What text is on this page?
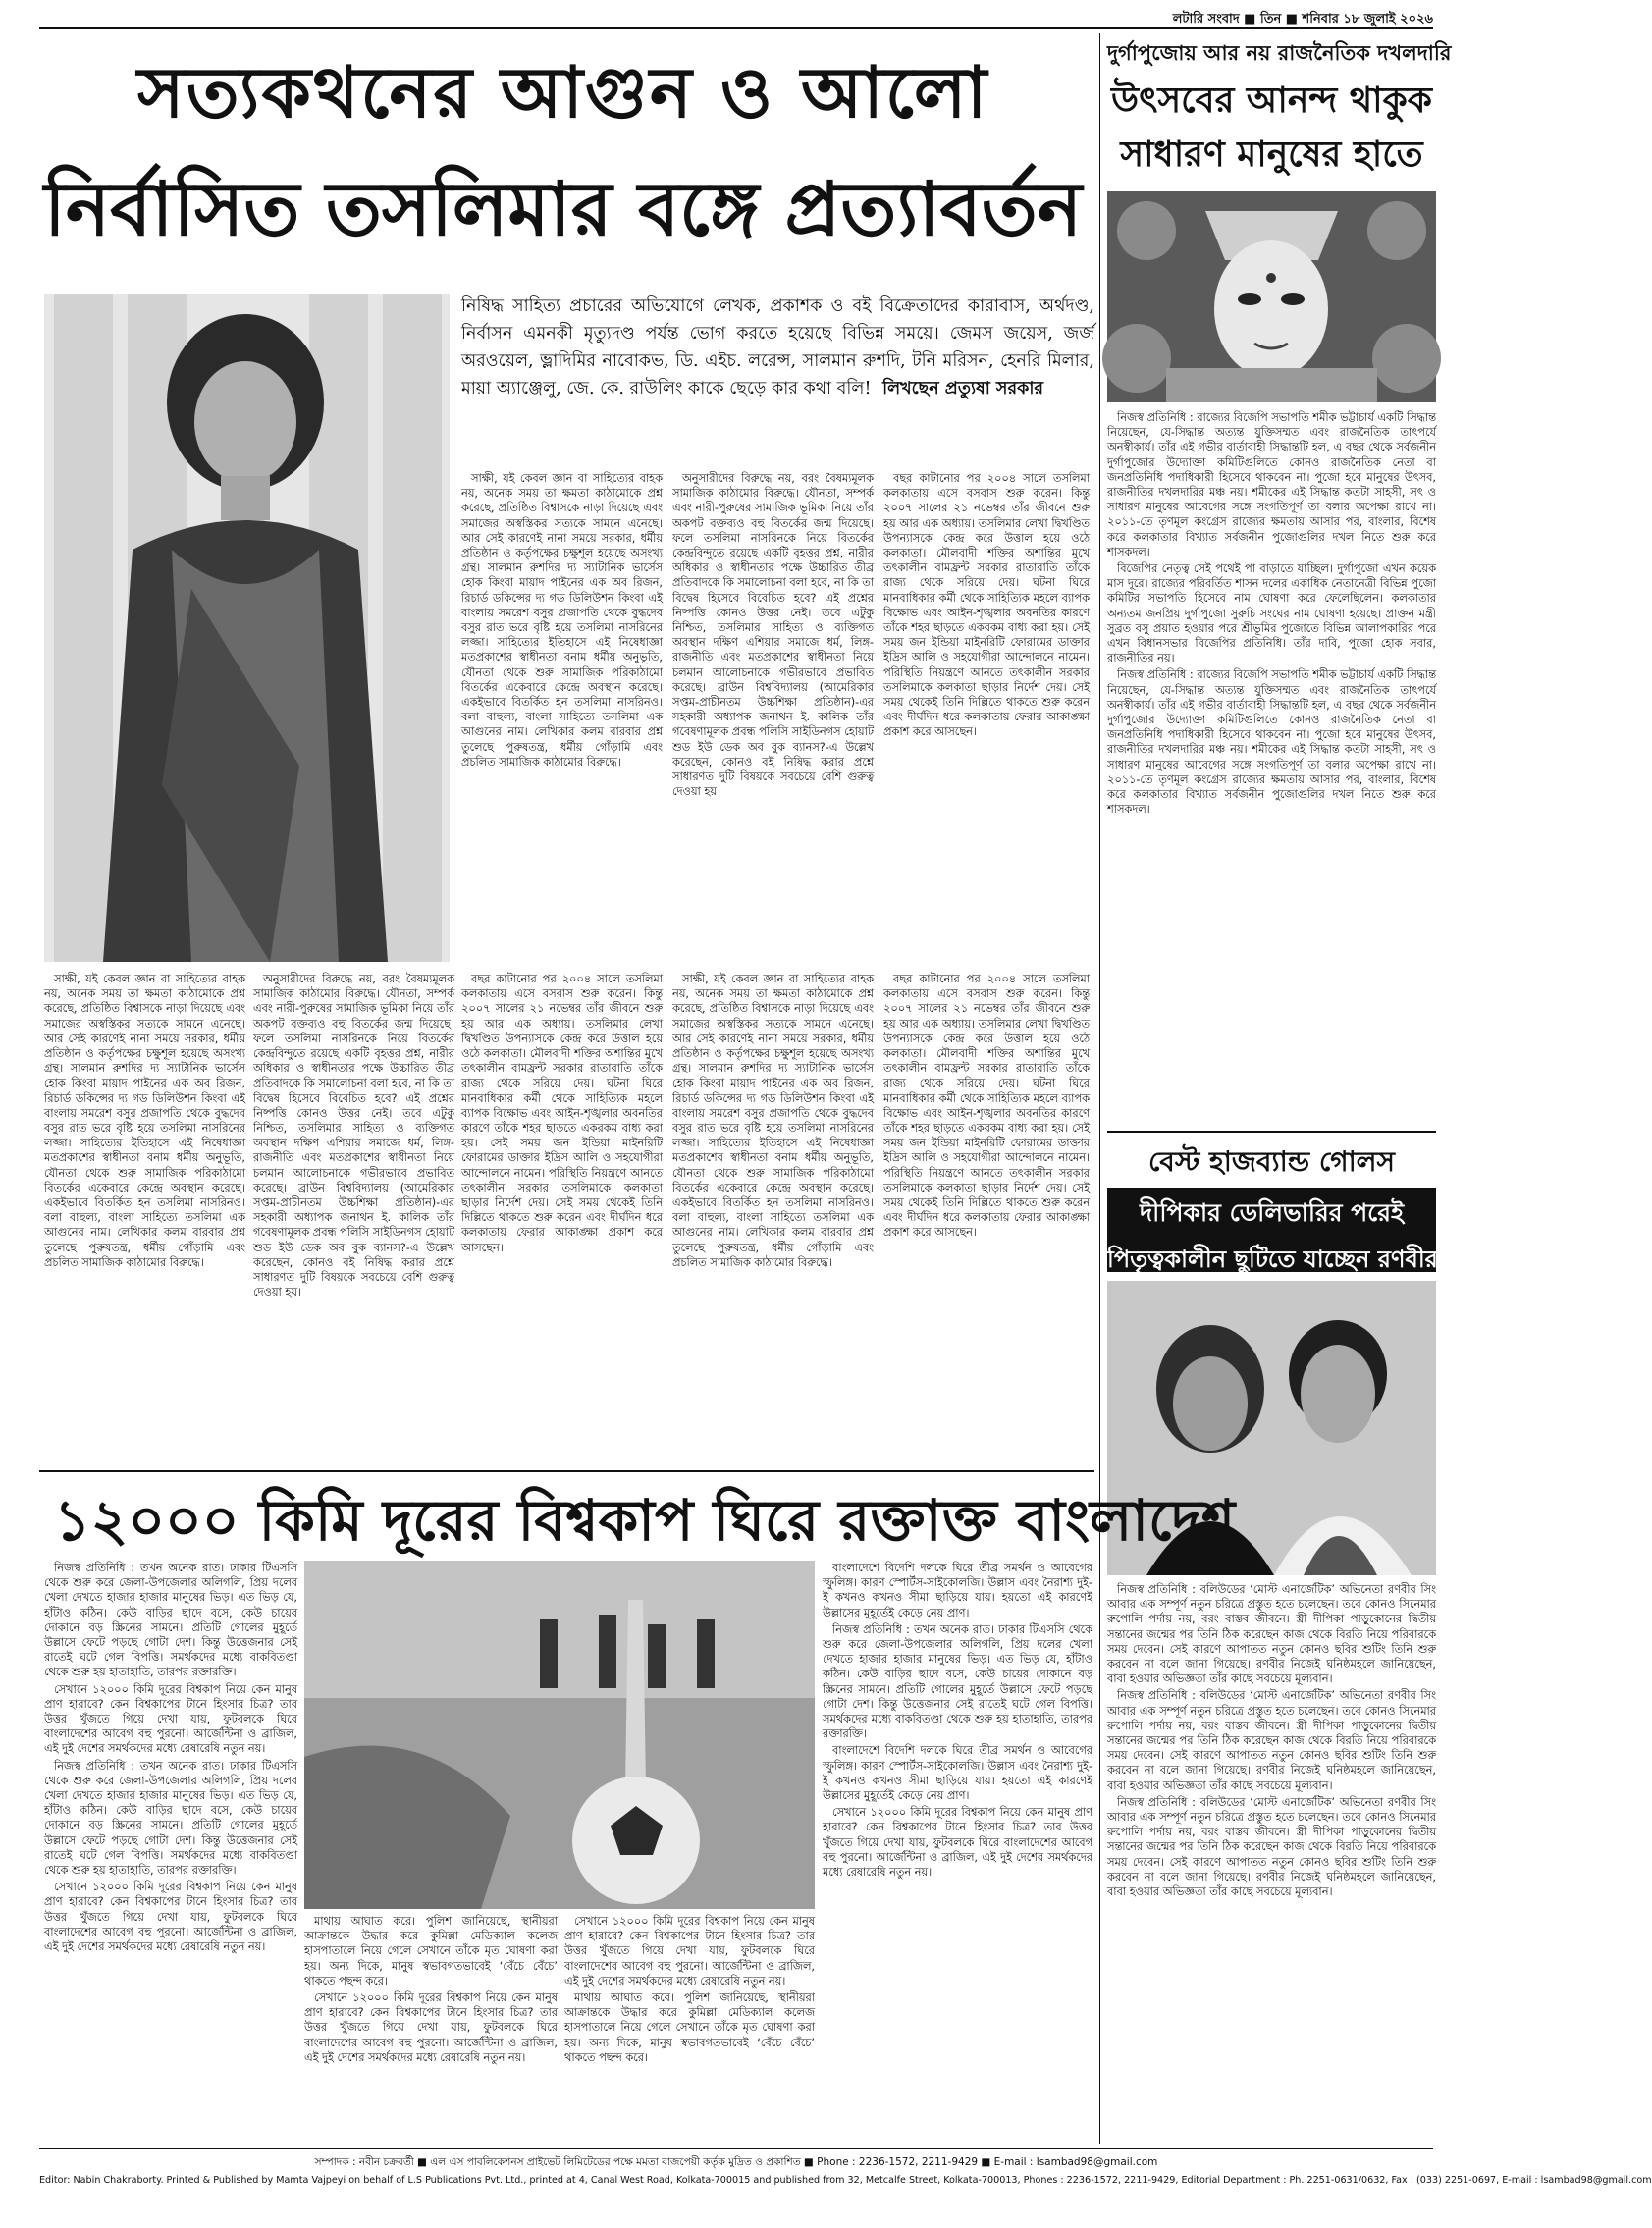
লটারি সংবাদ ■ তিন ■ শনিবার ১৮ জুলাই ২০২৬
সত্যকথনের আগুন ও আলো
নির্বাসিত তসলিমার বঙ্গে প্রত্যাবর্তন
নিষিদ্ধ সাহিত্য প্রচারের অভিযোগে লেখক, প্রকাশক ও বই বিক্রেতাদের কারাবাস, অর্থদণ্ড, নির্বাসন এমনকী মৃত্যুদণ্ড পর্যন্ত ভোগ করতে হয়েছে বিভিন্ন সময়ে। জেমস জয়েস, জর্জ অরওয়েল, ভ্লাদিমির নাবোকভ, ডি. এইচ. লরেন্স, সালমান রুশদি, টনি মরিসন, হেনরি মিলার, মায়া অ্যাঞ্জেলু, জে. কে. রাউলিং কাকে ছেড়ে কার কথা বলি! লিখছেন প্রত্যুষা সরকার

সাক্ষী, যই কেবল জ্ঞান বা সাহিত্যের বাহক নয়, অনেক সময় তা ক্ষমতা কাঠামোকে প্রশ্ন করেছে, প্রতিষ্ঠিত বিশ্বাসকে নাড়া দিয়েছে এবং সমাজের অস্বস্তিকর সত্যকে সামনে এনেছে। আর সেই কারণেই নানা সময়ে সরকার, ধর্মীয় প্রতিষ্ঠান ও কর্তৃপক্ষের চক্ষুশূল হয়েছে অসংখ্য গ্রন্থ। সালমান রুশদির দ্য স্যাটানিক ভার্সেস হোক কিংবা মায়াদ পাইনের এক অব রিজন, রিচার্ড ডকিন্সের দ্য গড ডিলিউশন কিংবা এই বাংলায় সমরেশ বসুর প্রজাপতি থেকে বুদ্ধদেব বসুর রাত ভরে বৃষ্টি হয়ে তসলিমা নাসরিনের লজ্জা। সাহিত্যের ইতিহাসে এই নিষেধাজ্ঞা মতপ্রকাশের স্বাধীনতা বনাম ধর্মীয় অনুভূতি, যৌনতা থেকে শুরু সামাজিক পরিকাঠামো বিতর্কের একেবারে কেন্দ্রে অবস্থান করেছে। একইভাবে বিতর্কিত হন তসলিমা নাসরিনও। বলা বাহুল্য, বাংলা সাহিত্যে তসলিমা এক আগুনের নাম। লেখিকার কলম বারবার প্রশ্ন তুলেছে পুরুষতন্ত্র, ধর্মীয় গোঁড়ামি এবং প্রচলিত সামাজিক কাঠামোর বিরুদ্ধে।

অনুসারীদের বিরুদ্ধে নয়, বরং বৈষম্যমূলক সামাজিক কাঠামোর বিরুদ্ধে। যৌনতা, সম্পর্ক এবং নারী-পুরুষের সামাজিক ভূমিকা নিয়ে তাঁর অকপট বক্তব্যও বহু বিতর্কের জন্ম দিয়েছে। ফলে তসলিমা নাসরিনকে নিয়ে বিতর্কের কেন্দ্রবিন্দুতে রয়েছে একটি বৃহত্তর প্রশ্ন, নারীর অধিকার ও স্বাধীনতার পক্ষে উচ্চারিত তীব্র প্রতিবাদকে কি সমালোচনা বলা হবে, না কি তা বিদ্বেষ হিসেবে বিবেচিত হবে? এই প্রশ্নের নিষ্পত্তি কোনও উত্তর নেই। তবে এটুকু নিশ্চিত, তসলিমার সাহিত্য ও ব্যক্তিগত অবস্থান দক্ষিণ এশিয়ার সমাজে ধর্ম, লিঙ্গ-রাজনীতি এবং মতপ্রকাশের স্বাধীনতা নিয়ে চলমান আলোচনাকে গভীরভাবে প্রভাবিত করেছে। ব্রাউন বিশ্ববিদ্যালয় (আমেরিকার সপ্তম-প্রাচীনতম উচ্চশিক্ষা প্রতিষ্ঠান)-এর সহকারী অধ্যাপক জনাথন ই. কালিক তাঁর গবেষণামূলক প্রবন্ধ পলিসি সাইডিনগস হোয়াট শুড ইউ ডেক অব বুক ব্যানস?-এ উল্লেখ করেছেন, কোনও বই নিষিদ্ধ করার প্রশ্নে সাধারণত দুটি বিষয়কে সবচেয়ে বেশি গুরুত্ব দেওয়া হয়।

বছর কাটানোর পর ২০০৪ সালে তসলিমা কলকাতায় এসে বসবাস শুরু করেন। কিন্তু ২০০৭ সালের ২১ নভেম্বর তাঁর জীবনে শুরু হয় আর এক অধ্যায়। তসলিমার লেখা দ্বিখণ্ডিত উপন্যাসকে কেন্দ্র করে উত্তাল হয়ে ওঠে কলকাতা। মৌলবাদী শক্তির অশান্তির মুখে তৎকালীন বামফ্রন্ট সরকার রাতারাতি তাঁকে রাজ্য থেকে সরিয়ে দেয়। ঘটনা ঘিরে মানবাধিকার কর্মী থেকে সাহিত্যিক মহলে ব্যাপক বিক্ষোভ এবং আইন-শৃঙ্খলার অবনতির কারণে তাঁকে শহর ছাড়তে একরকম বাধ্য করা হয়। সেই সময় জন ইন্ডিয়া মাইনরিটি ফোরামের ডাক্তার ইদ্রিস আলি ও সহযোগীরা আন্দোলনে নামেন। পরিস্থিতি নিয়ন্ত্রণে আনতে তৎকালীন সরকার তসলিমাকে কলকাতা ছাড়ার নির্দেশ দেয়। সেই সময় থেকেই তিনি দিল্লিতে থাকতে শুরু করেন এবং দীর্ঘদিন ধরে কলকাতায় ফেরার আকাঙ্ক্ষা প্রকাশ করে আসছেন।

সাক্ষী, যই কেবল জ্ঞান বা সাহিত্যের বাহক নয়, অনেক সময় তা ক্ষমতা কাঠামোকে প্রশ্ন করেছে, প্রতিষ্ঠিত বিশ্বাসকে নাড়া দিয়েছে এবং সমাজের অস্বস্তিকর সত্যকে সামনে এনেছে। আর সেই কারণেই নানা সময়ে সরকার, ধর্মীয় প্রতিষ্ঠান ও কর্তৃপক্ষের চক্ষুশূল হয়েছে অসংখ্য গ্রন্থ। সালমান রুশদির দ্য স্যাটানিক ভার্সেস হোক কিংবা মায়াদ পাইনের এক অব রিজন, রিচার্ড ডকিন্সের দ্য গড ডিলিউশন কিংবা এই বাংলায় সমরেশ বসুর প্রজাপতি থেকে বুদ্ধদেব বসুর রাত ভরে বৃষ্টি হয়ে তসলিমা নাসরিনের লজ্জা। সাহিত্যের ইতিহাসে এই নিষেধাজ্ঞা মতপ্রকাশের স্বাধীনতা বনাম ধর্মীয় অনুভূতি, যৌনতা থেকে শুরু সামাজিক পরিকাঠামো বিতর্কের একেবারে কেন্দ্রে অবস্থান করেছে। একইভাবে বিতর্কিত হন তসলিমা নাসরিনও। বলা বাহুল্য, বাংলা সাহিত্যে তসলিমা এক আগুনের নাম। লেখিকার কলম বারবার প্রশ্ন তুলেছে পুরুষতন্ত্র, ধর্মীয় গোঁড়ামি এবং প্রচলিত সামাজিক কাঠামোর বিরুদ্ধে।

অনুসারীদের বিরুদ্ধে নয়, বরং বৈষম্যমূলক সামাজিক কাঠামোর বিরুদ্ধে। যৌনতা, সম্পর্ক এবং নারী-পুরুষের সামাজিক ভূমিকা নিয়ে তাঁর অকপট বক্তব্যও বহু বিতর্কের জন্ম দিয়েছে। ফলে তসলিমা নাসরিনকে নিয়ে বিতর্কের কেন্দ্রবিন্দুতে রয়েছে একটি বৃহত্তর প্রশ্ন, নারীর অধিকার ও স্বাধীনতার পক্ষে উচ্চারিত তীব্র প্রতিবাদকে কি সমালোচনা বলা হবে, না কি তা বিদ্বেষ হিসেবে বিবেচিত হবে? এই প্রশ্নের নিষ্পত্তি কোনও উত্তর নেই। তবে এটুকু নিশ্চিত, তসলিমার সাহিত্য ও ব্যক্তিগত অবস্থান দক্ষিণ এশিয়ার সমাজে ধর্ম, লিঙ্গ-রাজনীতি এবং মতপ্রকাশের স্বাধীনতা নিয়ে চলমান আলোচনাকে গভীরভাবে প্রভাবিত করেছে। ব্রাউন বিশ্ববিদ্যালয় (আমেরিকার সপ্তম-প্রাচীনতম উচ্চশিক্ষা প্রতিষ্ঠান)-এর সহকারী অধ্যাপক জনাথন ই. কালিক তাঁর গবেষণামূলক প্রবন্ধ পলিসি সাইডিনগস হোয়াট শুড ইউ ডেক অব বুক ব্যানস?-এ উল্লেখ করেছেন, কোনও বই নিষিদ্ধ করার প্রশ্নে সাধারণত দুটি বিষয়কে সবচেয়ে বেশি গুরুত্ব দেওয়া হয়।

বছর কাটানোর পর ২০০৪ সালে তসলিমা কলকাতায় এসে বসবাস শুরু করেন। কিন্তু ২০০৭ সালের ২১ নভেম্বর তাঁর জীবনে শুরু হয় আর এক অধ্যায়। তসলিমার লেখা দ্বিখণ্ডিত উপন্যাসকে কেন্দ্র করে উত্তাল হয়ে ওঠে কলকাতা। মৌলবাদী শক্তির অশান্তির মুখে তৎকালীন বামফ্রন্ট সরকার রাতারাতি তাঁকে রাজ্য থেকে সরিয়ে দেয়। ঘটনা ঘিরে মানবাধিকার কর্মী থেকে সাহিত্যিক মহলে ব্যাপক বিক্ষোভ এবং আইন-শৃঙ্খলার অবনতির কারণে তাঁকে শহর ছাড়তে একরকম বাধ্য করা হয়। সেই সময় জন ইন্ডিয়া মাইনরিটি ফোরামের ডাক্তার ইদ্রিস আলি ও সহযোগীরা আন্দোলনে নামেন। পরিস্থিতি নিয়ন্ত্রণে আনতে তৎকালীন সরকার তসলিমাকে কলকাতা ছাড়ার নির্দেশ দেয়। সেই সময় থেকেই তিনি দিল্লিতে থাকতে শুরু করেন এবং দীর্ঘদিন ধরে কলকাতায় ফেরার আকাঙ্ক্ষা প্রকাশ করে আসছেন।

সাক্ষী, যই কেবল জ্ঞান বা সাহিত্যের বাহক নয়, অনেক সময় তা ক্ষমতা কাঠামোকে প্রশ্ন করেছে, প্রতিষ্ঠিত বিশ্বাসকে নাড়া দিয়েছে এবং সমাজের অস্বস্তিকর সত্যকে সামনে এনেছে। আর সেই কারণেই নানা সময়ে সরকার, ধর্মীয় প্রতিষ্ঠান ও কর্তৃপক্ষের চক্ষুশূল হয়েছে অসংখ্য গ্রন্থ। সালমান রুশদির দ্য স্যাটানিক ভার্সেস হোক কিংবা মায়াদ পাইনের এক অব রিজন, রিচার্ড ডকিন্সের দ্য গড ডিলিউশন কিংবা এই বাংলায় সমরেশ বসুর প্রজাপতি থেকে বুদ্ধদেব বসুর রাত ভরে বৃষ্টি হয়ে তসলিমা নাসরিনের লজ্জা। সাহিত্যের ইতিহাসে এই নিষেধাজ্ঞা মতপ্রকাশের স্বাধীনতা বনাম ধর্মীয় অনুভূতি, যৌনতা থেকে শুরু সামাজিক পরিকাঠামো বিতর্কের একেবারে কেন্দ্রে অবস্থান করেছে। একইভাবে বিতর্কিত হন তসলিমা নাসরিনও। বলা বাহুল্য, বাংলা সাহিত্যে তসলিমা এক আগুনের নাম। লেখিকার কলম বারবার প্রশ্ন তুলেছে পুরুষতন্ত্র, ধর্মীয় গোঁড়ামি এবং প্রচলিত সামাজিক কাঠামোর বিরুদ্ধে।

বছর কাটানোর পর ২০০৪ সালে তসলিমা কলকাতায় এসে বসবাস শুরু করেন। কিন্তু ২০০৭ সালের ২১ নভেম্বর তাঁর জীবনে শুরু হয় আর এক অধ্যায়। তসলিমার লেখা দ্বিখণ্ডিত উপন্যাসকে কেন্দ্র করে উত্তাল হয়ে ওঠে কলকাতা। মৌলবাদী শক্তির অশান্তির মুখে তৎকালীন বামফ্রন্ট সরকার রাতারাতি তাঁকে রাজ্য থেকে সরিয়ে দেয়। ঘটনা ঘিরে মানবাধিকার কর্মী থেকে সাহিত্যিক মহলে ব্যাপক বিক্ষোভ এবং আইন-শৃঙ্খলার অবনতির কারণে তাঁকে শহর ছাড়তে একরকম বাধ্য করা হয়। সেই সময় জন ইন্ডিয়া মাইনরিটি ফোরামের ডাক্তার ইদ্রিস আলি ও সহযোগীরা আন্দোলনে নামেন। পরিস্থিতি নিয়ন্ত্রণে আনতে তৎকালীন সরকার তসলিমাকে কলকাতা ছাড়ার নির্দেশ দেয়। সেই সময় থেকেই তিনি দিল্লিতে থাকতে শুরু করেন এবং দীর্ঘদিন ধরে কলকাতায় ফেরার আকাঙ্ক্ষা প্রকাশ করে আসছেন।

দুর্গাপুজোয় আর নয় রাজনৈতিক দখলদারি
উৎসবের আনন্দ থাকুক
সাধারণ মানুষের হাতে

নিজস্ব প্রতিনিধি : রাজ্যের বিজেপি সভাপতি শমীক ভট্টাচার্য একটি সিদ্ধান্ত নিয়েছেন, যে-সিদ্ধান্ত অত্যন্ত যুক্তিসম্মত এবং রাজনৈতিক তাৎপর্যে অনস্বীকার্য। তাঁর এই গভীর বার্তাবাহী সিদ্ধান্তটি হল, এ বছর থেকে সর্বজনীন দুর্গাপুজোর উদ্যোক্তা কমিটিগুলিতে কোনও রাজনৈতিক নেতা বা জনপ্রতিনিধি পদাধিকারী হিসেবে থাকবেন না। পুজো হবে মানুষের উৎসব, রাজনীতির দখলদারির মঞ্চ নয়। শমীকের এই সিদ্ধান্ত কতটা সাহসী, সৎ ও সাধারণ মানুষের আবেগের সঙ্গে সংগতিপূর্ণ তা বলার অপেক্ষা রাখে না। ২০১১-তে তৃণমূল কংগ্রেস রাজ্যের ক্ষমতায় আসার পর, বাংলার, বিশেষ করে কলকাতার বিখ্যাত সর্বজনীন পুজোগুলির দখল নিতে শুরু করে শাসকদল।

বিজেপির নেতৃত্ব সেই পথেই পা বাড়াতে যাচ্ছিল। দুর্গাপুজো এখন কয়েক মাস দূরে। রাজ্যের পরিবর্তিত শাসন দলের একাধিক নেতানেত্রী বিভিন্ন পুজো কমিটির সভাপতি হিসেবে নাম ঘোষণা করে ফেলেছিলেন। কলকাতার অন্যতম জনপ্রিয় দুর্গাপুজো সুরুচি সংঘের নাম ঘোষণা হয়েছে। প্রাক্তন মন্ত্রী সুব্রত বসু প্রয়াত হওয়ার পরে শ্রীভূমির পুজোতে বিভিন্ন আলাপকারির পরে এখন বিধানসভার বিজেপির প্রতিনিধি। তাঁর দাবি, পুজো হোক সবার, রাজনীতির নয়।

নিজস্ব প্রতিনিধি : রাজ্যের বিজেপি সভাপতি শমীক ভট্টাচার্য একটি সিদ্ধান্ত নিয়েছেন, যে-সিদ্ধান্ত অত্যন্ত যুক্তিসম্মত এবং রাজনৈতিক তাৎপর্যে অনস্বীকার্য। তাঁর এই গভীর বার্তাবাহী সিদ্ধান্তটি হল, এ বছর থেকে সর্বজনীন দুর্গাপুজোর উদ্যোক্তা কমিটিগুলিতে কোনও রাজনৈতিক নেতা বা জনপ্রতিনিধি পদাধিকারী হিসেবে থাকবেন না। পুজো হবে মানুষের উৎসব, রাজনীতির দখলদারির মঞ্চ নয়। শমীকের এই সিদ্ধান্ত কতটা সাহসী, সৎ ও সাধারণ মানুষের আবেগের সঙ্গে সংগতিপূর্ণ তা বলার অপেক্ষা রাখে না। ২০১১-তে তৃণমূল কংগ্রেস রাজ্যের ক্ষমতায় আসার পর, বাংলার, বিশেষ করে কলকাতার বিখ্যাত সর্বজনীন পুজোগুলির দখল নিতে শুরু করে শাসকদল।

বেস্ট হাজব্যান্ড গোলস
দীপিকার ডেলিভারির পরেই
পিতৃত্বকালীন ছুটিতে যাচ্ছেন রণবীর

নিজস্ব প্রতিনিধি : বলিউডের ‘মোস্ট এনার্জেটিক’ অভিনেতা রণবীর সিং আবার এক সম্পূর্ণ নতুন চরিত্রে প্রস্তুত হতে চলেছেন। তবে কোনও সিনেমার রুপোলি পর্দায় নয়, বরং বাস্তব জীবনে। স্ত্রী দীপিকা পাড়ুকোনের দ্বিতীয় সন্তানের জন্মের পর তিনি ঠিক করেছেন কাজ থেকে বিরতি নিয়ে পরিবারকে সময় দেবেন। সেই কারণে আপাতত নতুন কোনও ছবির শুটিং তিনি শুরু করবেন না বলে জানা গিয়েছে। রণবীর নিজেই ঘনিষ্ঠমহলে জানিয়েছেন, বাবা হওয়ার অভিজ্ঞতা তাঁর কাছে সবচেয়ে মূল্যবান।

নিজস্ব প্রতিনিধি : বলিউডের ‘মোস্ট এনার্জেটিক’ অভিনেতা রণবীর সিং আবার এক সম্পূর্ণ নতুন চরিত্রে প্রস্তুত হতে চলেছেন। তবে কোনও সিনেমার রুপোলি পর্দায় নয়, বরং বাস্তব জীবনে। স্ত্রী দীপিকা পাড়ুকোনের দ্বিতীয় সন্তানের জন্মের পর তিনি ঠিক করেছেন কাজ থেকে বিরতি নিয়ে পরিবারকে সময় দেবেন। সেই কারণে আপাতত নতুন কোনও ছবির শুটিং তিনি শুরু করবেন না বলে জানা গিয়েছে। রণবীর নিজেই ঘনিষ্ঠমহলে জানিয়েছেন, বাবা হওয়ার অভিজ্ঞতা তাঁর কাছে সবচেয়ে মূল্যবান।

নিজস্ব প্রতিনিধি : বলিউডের ‘মোস্ট এনার্জেটিক’ অভিনেতা রণবীর সিং আবার এক সম্পূর্ণ নতুন চরিত্রে প্রস্তুত হতে চলেছেন। তবে কোনও সিনেমার রুপোলি পর্দায় নয়, বরং বাস্তব জীবনে। স্ত্রী দীপিকা পাড়ুকোনের দ্বিতীয় সন্তানের জন্মের পর তিনি ঠিক করেছেন কাজ থেকে বিরতি নিয়ে পরিবারকে সময় দেবেন। সেই কারণে আপাতত নতুন কোনও ছবির শুটিং তিনি শুরু করবেন না বলে জানা গিয়েছে। রণবীর নিজেই ঘনিষ্ঠমহলে জানিয়েছেন, বাবা হওয়ার অভিজ্ঞতা তাঁর কাছে সবচেয়ে মূল্যবান।

১২০০০ কিমি দূরের বিশ্বকাপ ঘিরে রক্তাক্ত বাংলাদেশ

নিজস্ব প্রতিনিধি : তখন অনেক রাত। ঢাকার টিএসসি থেকে শুরু করে জেলা-উপজেলার অলিগলি, প্রিয় দলের খেলা দেখতে হাজার হাজার মানুষের ভিড়। এত ভিড় যে, হাঁটাও কঠিন। কেউ বাড়ির ছাদে বসে, কেউ চায়ের দোকানে বড় স্ক্রিনের সামনে। প্রতিটি গোলের মুহূর্তে উল্লাসে ফেটে পড়ছে গোটা দেশ। কিন্তু উত্তেজনার সেই রাতেই ঘটে গেল বিপত্তি। সমর্থকদের মধ্যে বাকবিতণ্ডা থেকে শুরু হয় হাতাহাতি, তারপর রক্তারক্তি।

সেখানে ১২০০০ কিমি দূরের বিশ্বকাপ নিয়ে কেন মানুষ প্রাণ হারাবে? কেন বিশ্বকাপের টানে হিংসার চিত্র? তার উত্তর খুঁজতে গিয়ে দেখা যায়, ফুটবলকে ঘিরে বাংলাদেশের আবেগ বহু পুরনো। আর্জেন্টিনা ও ব্রাজিল, এই দুই দেশের সমর্থকদের মধ্যে রেষারেষি নতুন নয়।

নিজস্ব প্রতিনিধি : তখন অনেক রাত। ঢাকার টিএসসি থেকে শুরু করে জেলা-উপজেলার অলিগলি, প্রিয় দলের খেলা দেখতে হাজার হাজার মানুষের ভিড়। এত ভিড় যে, হাঁটাও কঠিন। কেউ বাড়ির ছাদে বসে, কেউ চায়ের দোকানে বড় স্ক্রিনের সামনে। প্রতিটি গোলের মুহূর্তে উল্লাসে ফেটে পড়ছে গোটা দেশ। কিন্তু উত্তেজনার সেই রাতেই ঘটে গেল বিপত্তি। সমর্থকদের মধ্যে বাকবিতণ্ডা থেকে শুরু হয় হাতাহাতি, তারপর রক্তারক্তি।

সেখানে ১২০০০ কিমি দূরের বিশ্বকাপ নিয়ে কেন মানুষ প্রাণ হারাবে? কেন বিশ্বকাপের টানে হিংসার চিত্র? তার উত্তর খুঁজতে গিয়ে দেখা যায়, ফুটবলকে ঘিরে বাংলাদেশের আবেগ বহু পুরনো। আর্জেন্টিনা ও ব্রাজিল, এই দুই দেশের সমর্থকদের মধ্যে রেষারেষি নতুন নয়।

মাথায় আঘাত করে। পুলিশ জানিয়েছে, স্থানীয়রা আক্রান্তকে উদ্ধার করে কুমিল্লা মেডিক্যাল কলেজ হাসপাতালে নিয়ে গেলে সেখানে তাঁকে মৃত ঘোষণা করা হয়। অন্য দিকে, মানুষ স্বভাবগতভাবেই ‘বেঁচে বেঁচে’ থাকতে পছন্দ করে।

সেখানে ১২০০০ কিমি দূরের বিশ্বকাপ নিয়ে কেন মানুষ প্রাণ হারাবে? কেন বিশ্বকাপের টানে হিংসার চিত্র? তার উত্তর খুঁজতে গিয়ে দেখা যায়, ফুটবলকে ঘিরে বাংলাদেশের আবেগ বহু পুরনো। আর্জেন্টিনা ও ব্রাজিল, এই দুই দেশের সমর্থকদের মধ্যে রেষারেষি নতুন নয়।

সেখানে ১২০০০ কিমি দূরের বিশ্বকাপ নিয়ে কেন মানুষ প্রাণ হারাবে? কেন বিশ্বকাপের টানে হিংসার চিত্র? তার উত্তর খুঁজতে গিয়ে দেখা যায়, ফুটবলকে ঘিরে বাংলাদেশের আবেগ বহু পুরনো। আর্জেন্টিনা ও ব্রাজিল, এই দুই দেশের সমর্থকদের মধ্যে রেষারেষি নতুন নয়।

মাথায় আঘাত করে। পুলিশ জানিয়েছে, স্থানীয়রা আক্রান্তকে উদ্ধার করে কুমিল্লা মেডিক্যাল কলেজ হাসপাতালে নিয়ে গেলে সেখানে তাঁকে মৃত ঘোষণা করা হয়। অন্য দিকে, মানুষ স্বভাবগতভাবেই ‘বেঁচে বেঁচে’ থাকতে পছন্দ করে।

বাংলাদেশে বিদেশি দলকে ঘিরে তীব্র সমর্থন ও আবেগের স্ফুলিঙ্গ। কারণ স্পোর্টস-সাইকোলজি। উল্লাস এবং নৈরাশ্য দুই-ই কখনও কখনও সীমা ছাড়িয়ে যায়। হয়তো এই কারণেই উল্লাসের মুহূর্তেই কেড়ে নেয় প্রাণ।

নিজস্ব প্রতিনিধি : তখন অনেক রাত। ঢাকার টিএসসি থেকে শুরু করে জেলা-উপজেলার অলিগলি, প্রিয় দলের খেলা দেখতে হাজার হাজার মানুষের ভিড়। এত ভিড় যে, হাঁটাও কঠিন। কেউ বাড়ির ছাদে বসে, কেউ চায়ের দোকানে বড় স্ক্রিনের সামনে। প্রতিটি গোলের মুহূর্তে উল্লাসে ফেটে পড়ছে গোটা দেশ। কিন্তু উত্তেজনার সেই রাতেই ঘটে গেল বিপত্তি। সমর্থকদের মধ্যে বাকবিতণ্ডা থেকে শুরু হয় হাতাহাতি, তারপর রক্তারক্তি।

বাংলাদেশে বিদেশি দলকে ঘিরে তীব্র সমর্থন ও আবেগের স্ফুলিঙ্গ। কারণ স্পোর্টস-সাইকোলজি। উল্লাস এবং নৈরাশ্য দুই-ই কখনও কখনও সীমা ছাড়িয়ে যায়। হয়তো এই কারণেই উল্লাসের মুহূর্তেই কেড়ে নেয় প্রাণ।

সেখানে ১২০০০ কিমি দূরের বিশ্বকাপ নিয়ে কেন মানুষ প্রাণ হারাবে? কেন বিশ্বকাপের টানে হিংসার চিত্র? তার উত্তর খুঁজতে গিয়ে দেখা যায়, ফুটবলকে ঘিরে বাংলাদেশের আবেগ বহু পুরনো। আর্জেন্টিনা ও ব্রাজিল, এই দুই দেশের সমর্থকদের মধ্যে রেষারেষি নতুন নয়।

সম্পাদক : নবীন চক্রবর্তী ■ এল এস পাবলিকেশনস প্রাইভেট লিমিটেডের পক্ষে মমতা বাজপেয়ী কর্তৃক মুদ্রিত ও প্রকাশিত ■ Phone : 2236-1572, 2211-9429 ■ E-mail : lsambad98@gmail.com
Editor: Nabin Chakraborty. Printed & Published by Mamta Vajpeyi on behalf of L.S Publications Pvt. Ltd., printed at 4, Canal West Road, Kolkata-700015 and published from 32, Metcalfe Street, Kolkata-700013, Phones : 2236-1572, 2211-9429, Editorial Department : Ph. 2251-0631/0632, Fax : (033) 2251-0697, E-mail : lsambad98@gmail.com
